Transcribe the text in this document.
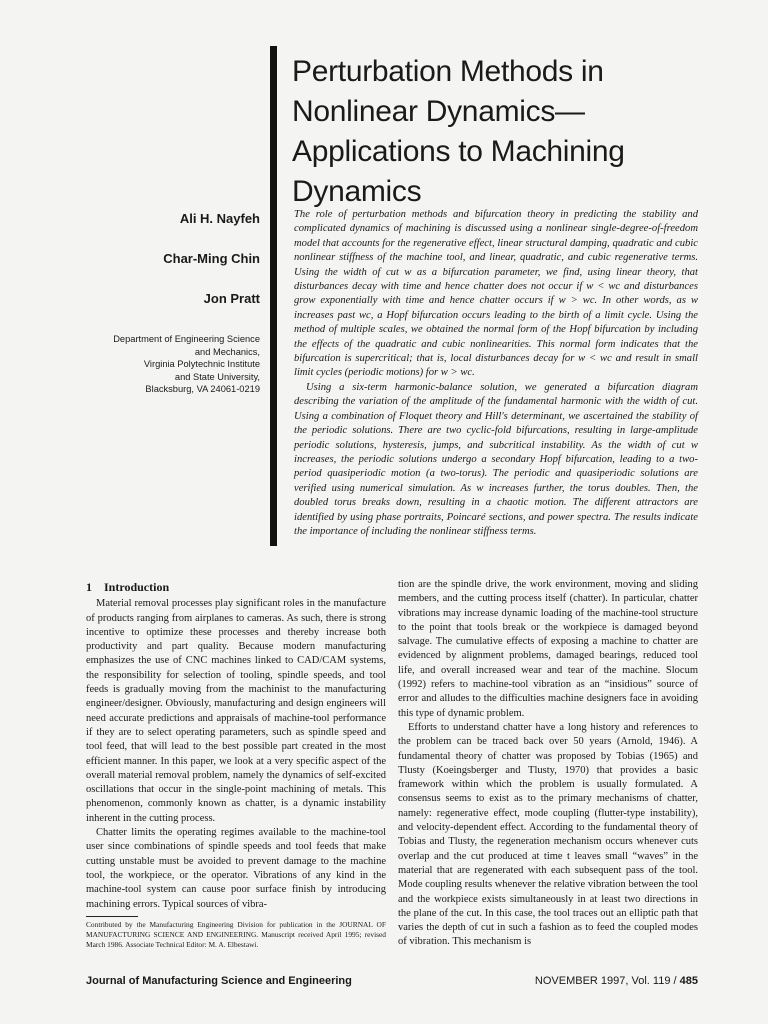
Perturbation Methods in
Nonlinear Dynamics—
Applications to Machining
Dynamics
Ali H. Nayfeh
Char-Ming Chin
Jon Pratt
Department of Engineering Science
and Mechanics,
Virginia Polytechnic Institute
and State University,
Blacksburg, VA 24061-0219

The role of perturbation methods and bifurcation theory in predicting the stability and complicated dynamics of machining is discussed using a nonlinear single-degree-of-freedom model that accounts for the regenerative effect, linear structural damping, quadratic and cubic nonlinear stiffness of the machine tool, and linear, quadratic, and cubic regenerative terms. Using the width of cut w as a bifurcation parameter, we find, using linear theory, that disturbances decay with time and hence chatter does not occur if w < wc and disturbances grow exponentially with time and hence chatter occurs if w > wc. In other words, as w increases past wc, a Hopf bifurcation occurs leading to the birth of a limit cycle. Using the method of multiple scales, we obtained the normal form of the Hopf bifurcation by including the effects of the quadratic and cubic nonlinearities. This normal form indicates that the bifurcation is supercritical; that is, local disturbances decay for w < wc and result in small limit cycles (periodic motions) for w > wc.

Using a six-term harmonic-balance solution, we generated a bifurcation diagram describing the variation of the amplitude of the fundamental harmonic with the width of cut. Using a combination of Floquet theory and Hill's determinant, we ascertained the stability of the periodic solutions. There are two cyclic-fold bifurcations, resulting in large-amplitude periodic solutions, hysteresis, jumps, and subcritical instability. As the width of cut w increases, the periodic solutions undergo a secondary Hopf bifurcation, leading to a two-period quasiperiodic motion (a two-torus). The periodic and quasiperiodic solutions are verified using numerical simulation. As w increases further, the torus doubles. Then, the doubled torus breaks down, resulting in a chaotic motion. The different attractors are identified by using phase portraits, Poincaré sections, and power spectra. The results indicate the importance of including the nonlinear stiffness terms.

1 Introduction

Material removal processes play significant roles in the manufacture of products ranging from airplanes to cameras. As such, there is strong incentive to optimize these processes and thereby increase both productivity and part quality. Because modern manufacturing emphasizes the use of CNC machines linked to CAD/CAM systems, the responsibility for selection of tooling, spindle speeds, and tool feeds is gradually moving from the machinist to the manufacturing engineer/designer. Obviously, manufacturing and design engineers will need accurate predictions and appraisals of machine-tool performance if they are to select operating parameters, such as spindle speed and tool feed, that will lead to the best possible part created in the most efficient manner. In this paper, we look at a very specific aspect of the overall material removal problem, namely the dynamics of self-excited oscillations that occur in the single-point machining of metals. This phenomenon, commonly known as chatter, is a dynamic instability inherent in the cutting process.

Chatter limits the operating regimes available to the machine-tool user since combinations of spindle speeds and tool feeds that make cutting unstable must be avoided to prevent damage to the machine tool, the workpiece, or the operator. Vibrations of any kind in the machine-tool system can cause poor surface finish by introducing machining errors. Typical sources of vibra-

tion are the spindle drive, the work environment, moving and sliding members, and the cutting process itself (chatter). In particular, chatter vibrations may increase dynamic loading of the machine-tool structure to the point that tools break or the workpiece is damaged beyond salvage. The cumulative effects of exposing a machine to chatter are evidenced by alignment problems, damaged bearings, reduced tool life, and overall increased wear and tear of the machine. Slocum (1992) refers to machine-tool vibration as an “insidious” source of error and alludes to the difficulties machine designers face in avoiding this type of dynamic problem.

Efforts to understand chatter have a long history and references to the problem can be traced back over 50 years (Arnold, 1946). A fundamental theory of chatter was proposed by Tobias (1965) and Tlusty (Koeingsberger and Tlusty, 1970) that provides a basic framework within which the problem is usually formulated. A consensus seems to exist as to the primary mechanisms of chatter, namely: regenerative effect, mode coupling (flutter-type instability), and velocity-dependent effect. According to the fundamental theory of Tobias and Tlusty, the regeneration mechanism occurs whenever cuts overlap and the cut produced at time t leaves small “waves” in the material that are regenerated with each subsequent pass of the tool. Mode coupling results whenever the relative vibration between the tool and the workpiece exists simultaneously in at least two directions in the plane of the cut. In this case, the tool traces out an elliptic path that varies the depth of cut in such a fashion as to feed the coupled modes of vibration. This mechanism is

Contributed by the Manufacturing Engineering Division for publication in the JOURNAL OF MANUFACTURING SCIENCE AND ENGINEERING. Manuscript received April 1995; revised March 1986. Associate Technical Editor: M. A. Elbestawi.
Journal of Manufacturing Science and Engineering	NOVEMBER 1997, Vol. 119 / 485
